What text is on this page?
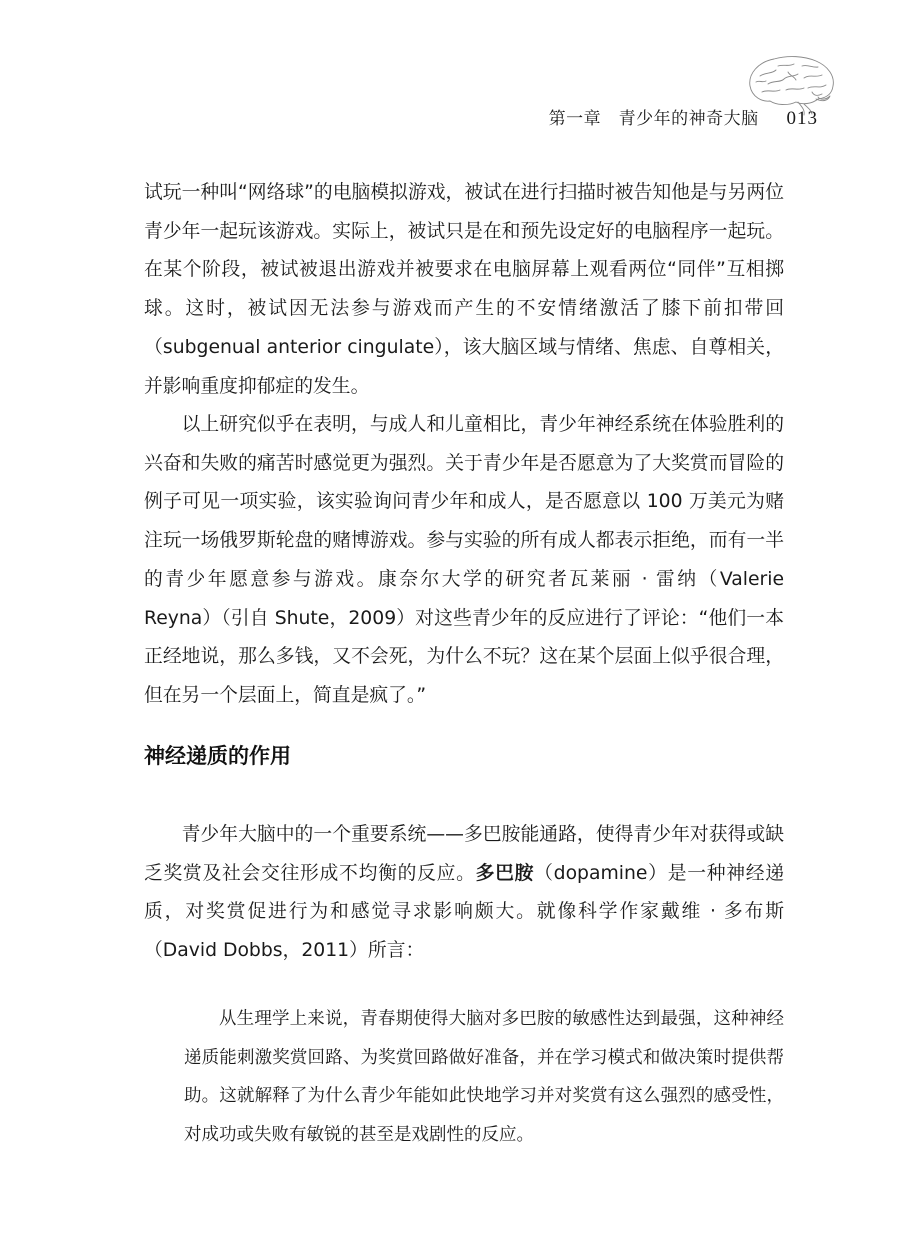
第一章　青少年的神奇大脑 013

试玩一种叫“网络球”的电脑模拟游戏，被试在进行扫描时被告知他是与另两位青少年一起玩该游戏。实际上，被试只是在和预先设定好的电脑程序一起玩。在某个阶段，被试被退出游戏并被要求在电脑屏幕上观看两位“同伴”互相掷球。这时，被试因无法参与游戏而产生的不安情绪激活了膝下前扣带回（subgenual anterior cingulate），该大脑区域与情绪、焦虑、自尊相关，并影响重度抑郁症的发生。

以上研究似乎在表明，与成人和儿童相比，青少年神经系统在体验胜利的兴奋和失败的痛苦时感觉更为强烈。关于青少年是否愿意为了大奖赏而冒险的例子可见一项实验，该实验询问青少年和成人，是否愿意以 100 万美元为赌注玩一场俄罗斯轮盘的赌博游戏。参与实验的所有成人都表示拒绝，而有一半的青少年愿意参与游戏。康奈尔大学的研究者瓦莱丽 · 雷纳（Valerie Reyna）（引自 Shute，2009）对这些青少年的反应进行了评论：“他们一本正经地说，那么多钱，又不会死，为什么不玩？这在某个层面上似乎很合理，但在另一个层面上，简直是疯了。”

神经递质的作用

青少年大脑中的一个重要系统——多巴胺能通路，使得青少年对获得或缺乏奖赏及社会交往形成不均衡的反应。多巴胺（dopamine）是一种神经递质，对奖赏促进行为和感觉寻求影响颇大。就像科学作家戴维 · 多布斯（David Dobbs，2011）所言：

从生理学上来说，青春期使得大脑对多巴胺的敏感性达到最强，这种神经递质能刺激奖赏回路、为奖赏回路做好准备，并在学习模式和做决策时提供帮助。这就解释了为什么青少年能如此快地学习并对奖赏有这么强烈的感受性，对成功或失败有敏锐的甚至是戏剧性的反应。
